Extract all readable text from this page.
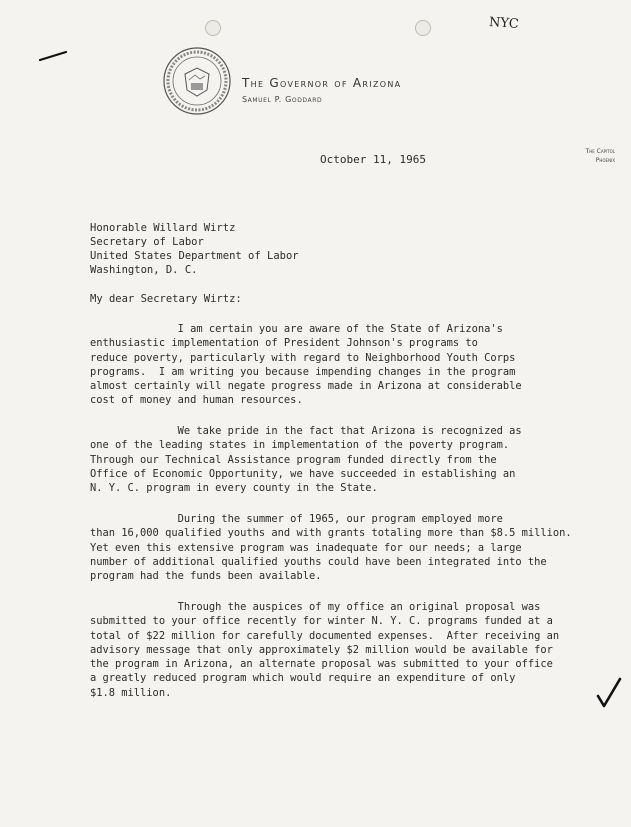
NYC
The Governor of Arizona
Samuel P. Goddard
The Capitol
Phoenix
October 11, 1965
Honorable Willard Wirtz
Secretary of Labor
United States Department of Labor
Washington, D. C.
My dear Secretary Wirtz:
I am certain you are aware of the State of Arizona's
enthusiastic implementation of President Johnson's programs to
reduce poverty, particularly with regard to Neighborhood Youth Corps
programs.  I am writing you because impending changes in the program
almost certainly will negate progress made in Arizona at considerable
cost of money and human resources.
We take pride in the fact that Arizona is recognized as
one of the leading states in implementation of the poverty program.
Through our Technical Assistance program funded directly from the
Office of Economic Opportunity, we have succeeded in establishing an
N. Y. C. program in every county in the State.
During the summer of 1965, our program employed more
than 16,000 qualified youths and with grants totaling more than $8.5 million.
Yet even this extensive program was inadequate for our needs; a large
number of additional qualified youths could have been integrated into the
program had the funds been available.
Through the auspices of my office an original proposal was
submitted to your office recently for winter N. Y. C. programs funded at a
total of $22 million for carefully documented expenses.  After receiving an
advisory message that only approximately $2 million would be available for
the program in Arizona, an alternate proposal was submitted to your office
a greatly reduced program which would require an expenditure of only
$1.8 million.
